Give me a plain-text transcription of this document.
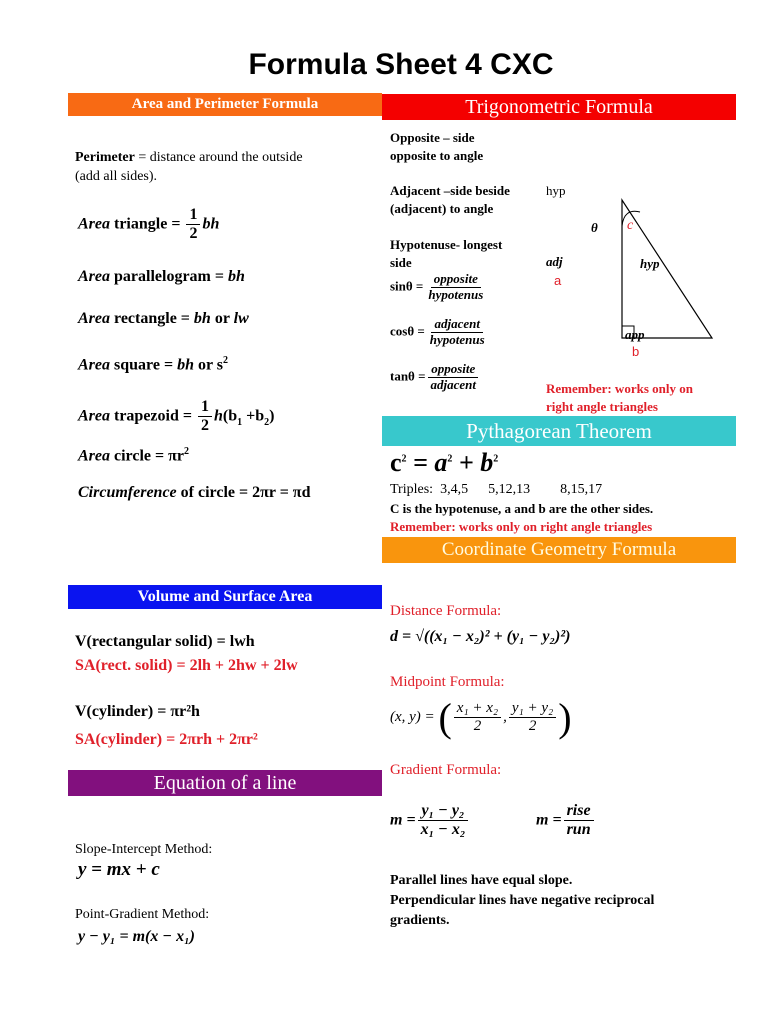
Formula Sheet 4 CXC
Area and Perimeter Formula
Perimeter = distance around the outside
(add all sides).
Area triangle = $\frac{1}{2}$ bh
Area parallelogram = bh
Area rectangle = bh or lw
Area square = bh or $s^2$
Area trapezoid = $\frac{1}{2} h(b_1 +b_2)$
Area circle = $\pi r^2$
Circumference of circle = 2πr = πd
Trigonometric Formula
Opposite – side
opposite to angle
Adjacent –side beside
(adjacent) to angle
Hypotenuse- longest
side
$\sin\theta = \frac{\text{opposite}}{\text{hypotenus}}$
$\cos\theta = \frac{\text{adjacent}}{\text{hypotenus}}$
$\tan\theta = \frac{\text{opposite}}{\text{adjacent}}$
hyp
θ c
adj
a
hyp
app
b
Remember: works only on
right angle triangles
Pythagorean Theorem
$c^2 = a^2 + b^2$
Triples: 3,4,5 5,12,13 8,15,17
C is the hypotenuse, a and b are the other sides.
Remember: works only on right angle triangles
Coordinate Geometry Formula
Distance Formula:
d = √((x₁ − x₂)² + (y₁ − y₂)²)
Midpoint Formula:
(x, y) = ( $\frac{\text{x₁ + x₂}}{2}$ , $\frac{\text{y₁ + y₂}}{2}$ )
Gradient Formula:
$m = \frac{\text{y₁ − y₂}}{\text{x₁ − x₂}}$	$m = \frac{\text{rise}}{\text{run}}$
Parallel lines have equal slope.
Perpendicular lines have negative reciprocal
gradients.
Volume and Surface Area
V(rectangular solid) = lwh
SA(rect. solid) = 2lh + 2hw + 2lw
V(cylinder) = πr²h
SA(cylinder) = 2πrh + 2πr²
Equation of a line
Slope-Intercept Method:
y = mx + c
Point-Gradient Method:
y − y₁ = m(x − x₁)
